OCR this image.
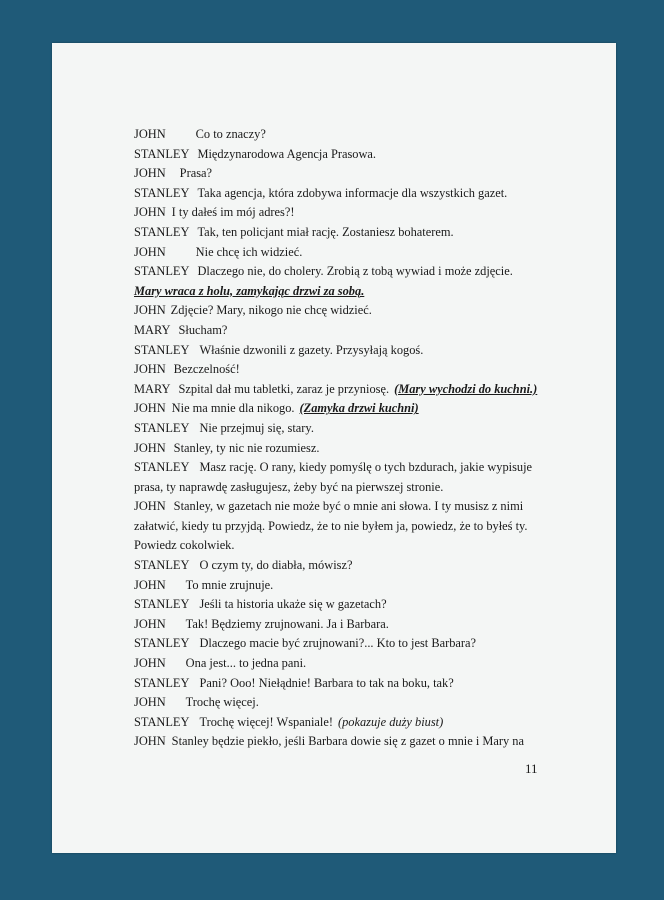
JOHN Co to znaczy?
STANLEY Międzynarodowa Agencja Prasowa.
JOHN Prasa?
STANLEY Taka agencja, która zdobywa informacje dla wszystkich gazet.
JOHN I ty dałeś im mój adres?!
STANLEY Tak, ten policjant miał rację. Zostaniesz bohaterem.
JOHN Nie chcę ich widzieć.
STANLEY Dlaczego nie, do cholery. Zrobią z tobą wywiad i może zdjęcie.
Mary wraca z holu, zamykając drzwi za sobą.
JOHN Zdjęcie? Mary, nikogo nie chcę widzieć.
MARY Słucham?
STANLEY Właśnie dzwonili z gazety. Przysyłają kogoś.
JOHN Bezczelność!
MARY Szpital dał mu tabletki, zaraz je przyniosę. (Mary wychodzi do kuchni.)
JOHN Nie ma mnie dla nikogo. (Zamyka drzwi kuchni)
STANLEY Nie przejmuj się, stary.
JOHN Stanley, ty nic nie rozumiesz.
STANLEY Masz rację. O rany, kiedy pomyślę o tych bzdurach, jakie wypisuje
prasa, ty naprawdę zasługujesz, żeby być na pierwszej stronie.
JOHN Stanley, w gazetach nie może być o mnie ani słowa. I ty musisz z nimi
załatwić, kiedy tu przyjdą. Powiedz, że to nie byłem ja, powiedz, że to byłeś ty.
Powiedz cokolwiek.
STANLEY O czym ty, do diabła, mówisz?
JOHN To mnie zrujnuje.
STANLEY Jeśli ta historia ukaże się w gazetach?
JOHN Tak! Będziemy zrujnowani. Ja i Barbara.
STANLEY Dlaczego macie być zrujnowani?... Kto to jest Barbara?
JOHN Ona jest... to jedna pani.
STANLEY Pani? Ooo! Niełądnie! Barbara to tak na boku, tak?
JOHN Trochę więcej.
STANLEY Trochę więcej! Wspaniale! (pokazuje duży biust)
JOHN Stanley będzie piekło, jeśli Barbara dowie się z gazet o mnie i Mary na
11
